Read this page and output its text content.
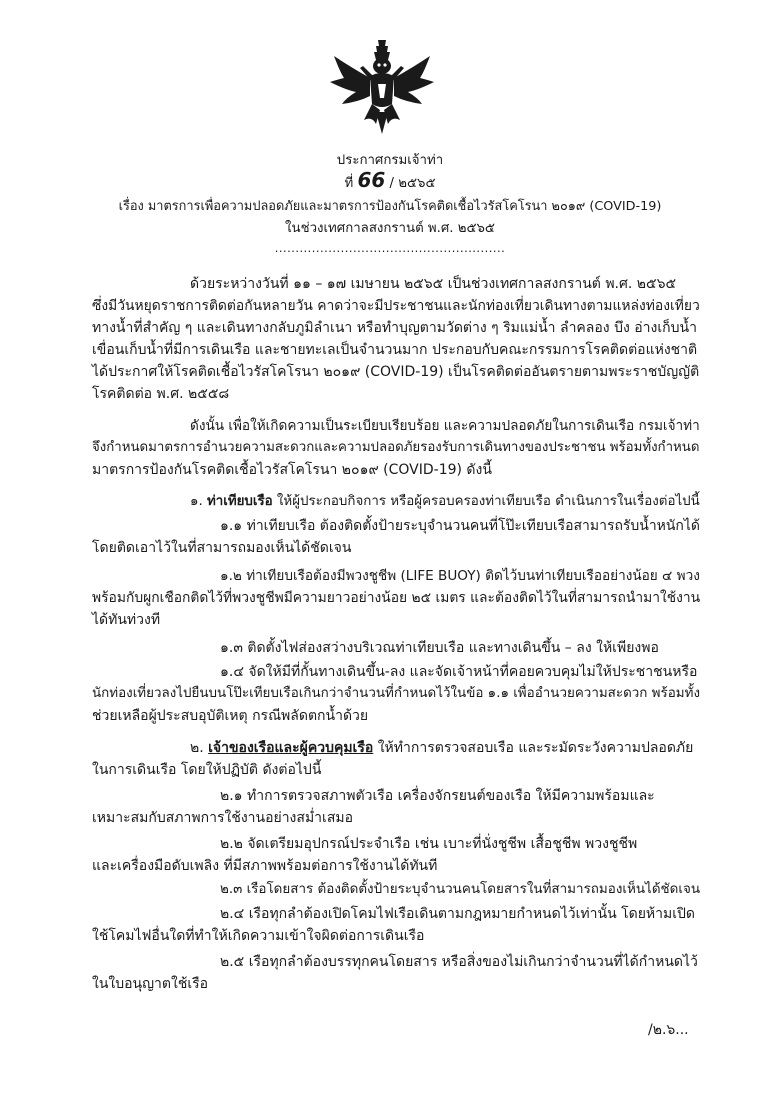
ประกาศกรมเจ้าท่า
ที่ 66 / ๒๕๖๕
เรื่อง มาตรการเพื่อความปลอดภัยและมาตรการป้องกันโรคติดเชื้อไวรัสโคโรนา ๒๐๑๙ (COVID-19)
ในช่วงเทศกาลสงกรานต์ พ.ศ. ๒๕๖๕
........................................................
ด้วยระหว่างวันที่ ๑๑ – ๑๗ เมษายน ๒๕๖๕ เป็นช่วงเทศกาลสงกรานต์ พ.ศ. ๒๕๖๕
ซึ่งมีวันหยุดราชการติดต่อกันหลายวัน คาดว่าจะมีประชาชนและนักท่องเที่ยวเดินทางตามแหล่งท่องเที่ยว
ทางน้ำที่สำคัญ ๆ และเดินทางกลับภูมิลำเนา หรือทำบุญตามวัดต่าง ๆ ริมแม่น้ำ ลำคลอง บึง อ่างเก็บน้ำ
เขื่อนเก็บน้ำที่มีการเดินเรือ และชายทะเลเป็นจำนวนมาก ประกอบกับคณะกรรมการโรคติดต่อแห่งชาติ
ได้ประกาศให้โรคติดเชื้อไวรัสโคโรนา ๒๐๑๙ (COVID-19) เป็นโรคติดต่ออันตรายตามพระราชบัญญัติ
โรคติดต่อ พ.ศ. ๒๕๕๘
ดังนั้น เพื่อให้เกิดความเป็นระเบียบเรียบร้อย และความปลอดภัยในการเดินเรือ กรมเจ้าท่า
จึงกำหนดมาตรการอำนวยความสะดวกและความปลอดภัยรองรับการเดินทางของประชาชน พร้อมทั้งกำหนด
มาตรการป้องกันโรคติดเชื้อไวรัสโคโรนา ๒๐๑๙ (COVID-19) ดังนี้
๑. ท่าเทียบเรือ ให้ผู้ประกอบกิจการ หรือผู้ครอบครองท่าเทียบเรือ ดำเนินการในเรื่องต่อไปนี้
๑.๑ ท่าเทียบเรือ ต้องติดตั้งป้ายระบุจำนวนคนที่โป๊ะเทียบเรือสามารถรับน้ำหนักได้
โดยติดเอาไว้ในที่สามารถมองเห็นได้ชัดเจน
๑.๒ ท่าเทียบเรือต้องมีพวงชูชีพ (LIFE BUOY) ติดไว้บนท่าเทียบเรืออย่างน้อย ๔ พวง
พร้อมกับผูกเชือกติดไว้ที่พวงชูชีพมีความยาวอย่างน้อย ๒๕ เมตร และต้องติดไว้ในที่สามารถนำมาใช้งาน
ได้ทันท่วงที
๑.๓ ติดตั้งไฟส่องสว่างบริเวณท่าเทียบเรือ และทางเดินขึ้น – ลง ให้เพียงพอ
๑.๔ จัดให้มีที่กั้นทางเดินขึ้น-ลง และจัดเจ้าหน้าที่คอยควบคุมไม่ให้ประชาชนหรือ
นักท่องเที่ยวลงไปยืนบนโป๊ะเทียบเรือเกินกว่าจำนวนที่กำหนดไว้ในข้อ ๑.๑ เพื่ออำนวยความสะดวก พร้อมทั้ง
ช่วยเหลือผู้ประสบอุบัติเหตุ กรณีพลัดตกน้ำด้วย
๒. เจ้าของเรือและผู้ควบคุมเรือ ให้ทำการตรวจสอบเรือ และระมัดระวังความปลอดภัย
ในการเดินเรือ โดยให้ปฏิบัติ ดังต่อไปนี้
๒.๑ ทำการตรวจสภาพตัวเรือ เครื่องจักรยนต์ของเรือ ให้มีความพร้อมและ
เหมาะสมกับสภาพการใช้งานอย่างสม่ำเสมอ
๒.๒ จัดเตรียมอุปกรณ์ประจำเรือ เช่น เบาะที่นั่งชูชีพ เสื้อชูชีพ พวงชูชีพ
และเครื่องมือดับเพลิง ที่มีสภาพพร้อมต่อการใช้งานได้ทันที
๒.๓ เรือโดยสาร ต้องติดตั้งป้ายระบุจำนวนคนโดยสารในที่สามารถมองเห็นได้ชัดเจน
๒.๔ เรือทุกลำต้องเปิดโคมไฟเรือเดินตามกฎหมายกำหนดไว้เท่านั้น โดยห้ามเปิด
ใช้โคมไฟอื่นใดที่ทำให้เกิดความเข้าใจผิดต่อการเดินเรือ
๒.๕ เรือทุกลำต้องบรรทุกคนโดยสาร หรือสิ่งของไม่เกินกว่าจำนวนที่ได้กำหนดไว้
ในใบอนุญาตใช้เรือ
/๒.๖...
